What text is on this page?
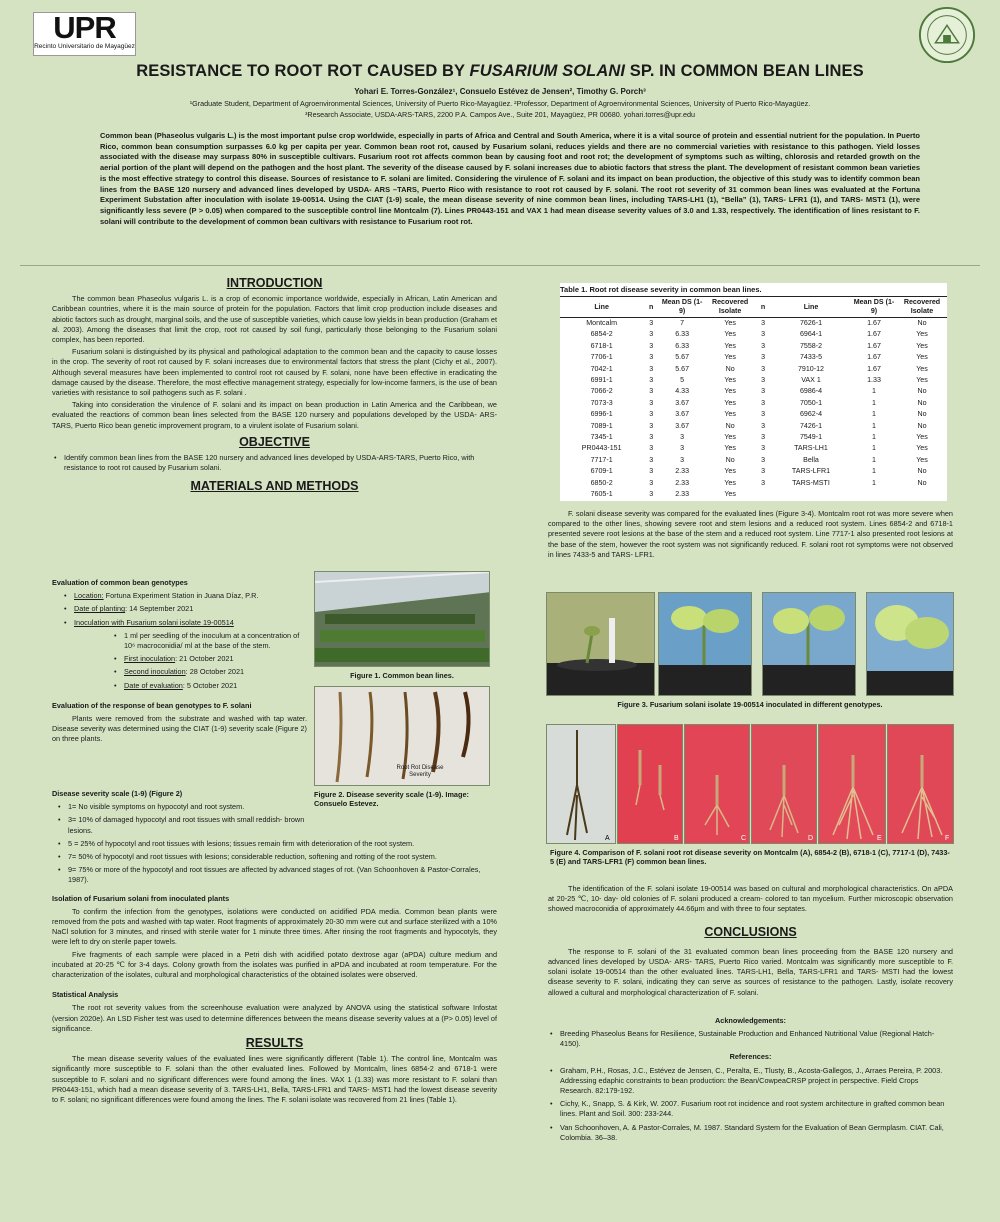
UPR
Recinto Universitario de Mayagüez
RESISTANCE TO ROOT ROT CAUSED BY FUSARIUM SOLANI SP. IN COMMON BEAN LINES
Yohari E. Torres-González¹, Consuelo Estévez de Jensen², Timothy G. Porch³
¹Graduate Student, Department of Agroenvironmental Sciences, University of Puerto Rico-Mayagüez. ²Professor, Department of Agroenvironmental Sciences, University of Puerto Rico-Mayagüez.
³Research Associate, USDA-ARS-TARS, 2200 P.A. Campos Ave., Suite 201, Mayagüez, PR 00680. yohari.torres@upr.edu
Common bean (Phaseolus vulgaris L.) is the most important pulse crop worldwide, especially in parts of Africa and Central and South America, where it is a vital source of protein and essential nutrient for the population. In Puerto Rico, common bean consumption surpasses 6.0 kg per capita per year. Common bean root rot, caused by Fusarium solani, reduces yields and there are no commercial varieties with resistance to this pathogen. Yield losses associated with the disease may surpass 80% in susceptible cultivars. Fusarium root rot affects common bean by causing foot and root rot; the development of symptoms such as wilting, chlorosis and retarded growth on the aerial portion of the plant will depend on the pathogen and the host plant. The severity of the disease caused by F. solani increases due to abiotic factors that stress the plant. The development of resistant common bean varieties is the most effective strategy to control this disease. Sources of resistance to F. solani are limited. Considering the virulence of F. solani and its impact on bean production, the objective of this study was to identify common bean lines from the BASE 120 nursery and advanced lines developed by USDA- ARS –TARS, Puerto Rico with resistance to root rot caused by F. solani. The root rot severity of 31 common bean lines was evaluated at the Fortuna Experiment Substation after inoculation with isolate 19-00514. Using the CIAT (1-9) scale, the mean disease severity of nine common bean lines, including TARS-LH1 (1), “Bella” (1), TARS- LFR1 (1), and TARS- MST1 (1), were significantly less severe (P > 0.05) when compared to the susceptible control line Montcalm (7). Lines PR0443-151 and VAX 1 had mean disease severity values of 3.0 and 1.33, respectively. The identification of lines resistant to F. solani will contribute to the development of common bean cultivars with resistance to Fusarium root rot.
INTRODUCTION
The common bean Phaseolus vulgaris L. is a crop of economic importance worldwide, especially in African, Latin American and Caribbean countries, where it is the main source of protein for the population. Factors that limit crop production include diseases and abiotic factors such as drought, marginal soils, and the use of susceptible varieties, which cause low yields in bean production (Graham et al. 2003). Among the diseases that limit the crop, root rot caused by soil fungi, particularly those belonging to the Fusarium solani complex, has been reported.
Fusarium solani is distinguished by its physical and pathological adaptation to the common bean and the capacity to cause losses in the crop. The severity of root rot caused by F. solani increases due to environmental factors that stress the plant (Cichy et al., 2007). Although several measures have been implemented to control root rot caused by F. solani, none have been effective in eradicating the damage caused by the disease. Therefore, the most effective management strategy, especially for low-income farmers, is the use of bean varieties with resistance to soil pathogens such as F. solani .
Taking into consideration the virulence of F. solani and its impact on bean production in Latin America and the Caribbean, we evaluated the reactions of common bean lines selected from the BASE 120 nursery and populations developed by the USDA- ARS- TARS, Puerto Rico bean genetic improvement program, to a virulent isolate of Fusarium solani.
OBJECTIVE
• Identify common bean lines from the BASE 120 nursery and advanced lines developed by USDA-ARS-TARS, Puerto Rico, with resistance to root rot caused by Fusarium solani.
MATERIALS AND METHODS
Evaluation of common bean genotypes
• Location: Fortuna Experiment Station in Juana Díaz, P.R.
• Date of planting: 14 September 2021
• Inoculation with Fusarium solani isolate 19-00514
• 1 ml per seedling of the inoculum at a concentration of 10⁶ macroconidia/ ml at the base of the stem.
• First inoculation: 21 October 2021
• Second inoculation: 28 October 2021
• Date of evaluation: 5 October 2021
Evaluation of the response of bean genotypes to F. solani
Plants were removed from the substrate and washed with tap water. Disease severity was determined using the CIAT (1-9) severity scale (Figure 2) on three plants.
Figure 1. Common bean lines.
Root Rot Disease Severity
Figure 2. Disease severity scale (1-9). Image: Consuelo Estevez.
Disease severity scale (1-9) (Figure 2)
• 1= No visible symptoms on hypocotyl and root system.
• 3= 10% of damaged hypocotyl and root tissues with small reddish- brown lesions.
• 5 = 25% of hypocotyl and root tissues with lesions; tissues remain firm with deterioration of the root system.
• 7= 50% of hypocotyl and root tissues with lesions; considerable reduction, softening and rotting of the root system.
• 9= 75% or more of the hypocotyl and root tissues are affected by advanced stages of rot. (Van Schoonhoven & Pastor-Corrales, 1987).
Isolation of Fusarium solani from inoculated plants
To confirm the infection from the genotypes, isolations were conducted on acidified PDA media. Common bean plants were removed from the pots and washed with tap water. Root fragments of approximately 20-30 mm were cut and surface sterilized with a 10% NaCl solution for 3 minutes, and rinsed with sterile water for 1 minute three times. After rinsing the root fragments and hypocotyls, they were left to dry on sterile paper towels.
Five fragments of each sample were placed in a Petri dish with acidified potato dextrose agar (aPDA) culture medium and incubated at 20-25 ℃ for 3-4 days. Colony growth from the isolates was purified in aPDA and incubated at room temperature. For the characterization of the isolates, cultural and morphological characteristics of the obtained isolates were observed.
Statistical Analysis
The root rot severity values from the screenhouse evaluation were analyzed by ANOVA using the statistical software Infostat (version 2020e). An LSD Fisher test was used to determine differences between the means disease severity values at a (P> 0.05) level of significance.
RESULTS
The mean disease severity values of the evaluated lines were significantly different (Table 1). The control line, Montcalm was significantly more susceptible to F. solani than the other evaluated lines. Followed by Montcalm, lines 6854-2 and 6718-1 were susceptible to F. solani and no significant differences were found among the lines. VAX 1 (1.33) was more resistant to F. solani than PR0443-151, which had a mean disease severity of 3. TARS-LH1, Bella, TARS-LFR1 and TARS- MST1 had the lowest disease severity to F. solani; no significant differences were found among the lines. The F. solani isolate was recovered from 21 lines (Table 1).
Table 1. Root rot disease severity in common bean lines.
Line	n	Mean DS (1-9)	Recovered Isolate	n	Line	Mean DS (1-9)	Recovered Isolate
Montcalm	3	7	Yes	3	7626-1	1.67	No
6854-2	3	6.33	Yes	3	6964-1	1.67	Yes
6718-1	3	6.33	Yes	3	7558-2	1.67	Yes
7706-1	3	5.67	Yes	3	7433-5	1.67	Yes
7042-1	3	5.67	No	3	7910-12	1.67	Yes
6991-1	3	5	Yes	3	VAX 1	1.33	Yes
7066-2	3	4.33	Yes	3	6986-4	1	No
7073-3	3	3.67	Yes	3	7050-1	1	No
6996-1	3	3.67	Yes	3	6962-4	1	No
7089-1	3	3.67	No	3	7426-1	1	No
7345-1	3	3	Yes	3	7549-1	1	Yes
PR0443-151	3	3	Yes	3	TARS-LH1	1	Yes
7717-1	3	3	No	3	Bella	1	Yes
6709-1	3	2.33	Yes	3	TARS-LFR1	1	No
6850-2	3	2.33	Yes	3	TARS-MSTI	1	No
7605-1	3	2.33	Yes				
F. solani disease severity was compared for the evaluated lines (Figure 3-4). Montcalm root rot was more severe when compared to the other lines, showing severe root and stem lesions and a reduced root system. Lines 6854-2 and 6718-1 presented severe root lesions at the base of the stem and a reduced root system. Line 7717-1 also presented root lesions at the base of the stem, however the root system was not significantly reduced. F. solani root rot symptoms were not observed in lines 7433-5 and TARS- LFR1.
Figure 3. Fusarium solani isolate 19-00514 inoculated in different genotypes.
A	B	C	D	E	F
Figure 4. Comparison of F. solani root rot disease severity on Montcalm (A), 6854-2 (B), 6718-1 (C), 7717-1 (D), 7433-5 (E) and TARS-LFR1 (F) common bean lines.
The identification of the F. solani isolate 19-00514 was based on cultural and morphological characteristics. On aPDA at 20-25 ℃, 10- day- old colonies of F. solani produced a cream- colored to tan mycelium. Further microscopic observation showed macroconidia of approximately 44.66μm and with three to four septates.
CONCLUSIONS
The response to F. solani of the 31 evaluated common bean lines proceeding from the BASE 120 nursery and advanced lines developed by USDA- ARS- TARS, Puerto Rico varied. Montcalm was significantly more susceptible to F. solani isolate 19-00514 than the other evaluated lines. TARS-LH1, Bella, TARS-LFR1 and TARS- MSTI had the lowest disease severity to F. solani, indicating they can serve as sources of resistance to the pathogen. Lastly, isolate recovery allowed a cultural and morphological characterization of F. solani.
Acknowledgements:
• Breeding Phaseolus Beans for Resilience, Sustainable Production and Enhanced Nutritional Value (Regional Hatch-4150).
References:
• Graham, P.H., Rosas, J.C., Estévez de Jensen, C., Peralta, E., Tlusty, B., Acosta-Gallegos, J., Arraes Pereira, P. 2003. Addressing edaphic constraints to bean production: the Bean/CowpeaCRSP project in perspective. Field Crops Research. 82:179-192.
• Cichy, K., Snapp, S. & Kirk, W. 2007. Fusarium root rot incidence and root system architecture in grafted common bean lines. Plant and Soil. 300: 233-244.
• Van Schoonhoven, A. & Pastor-Corrales, M. 1987. Standard System for the Evaluation of Bean Germplasm. CIAT. Cali, Colombia. 36–38.
